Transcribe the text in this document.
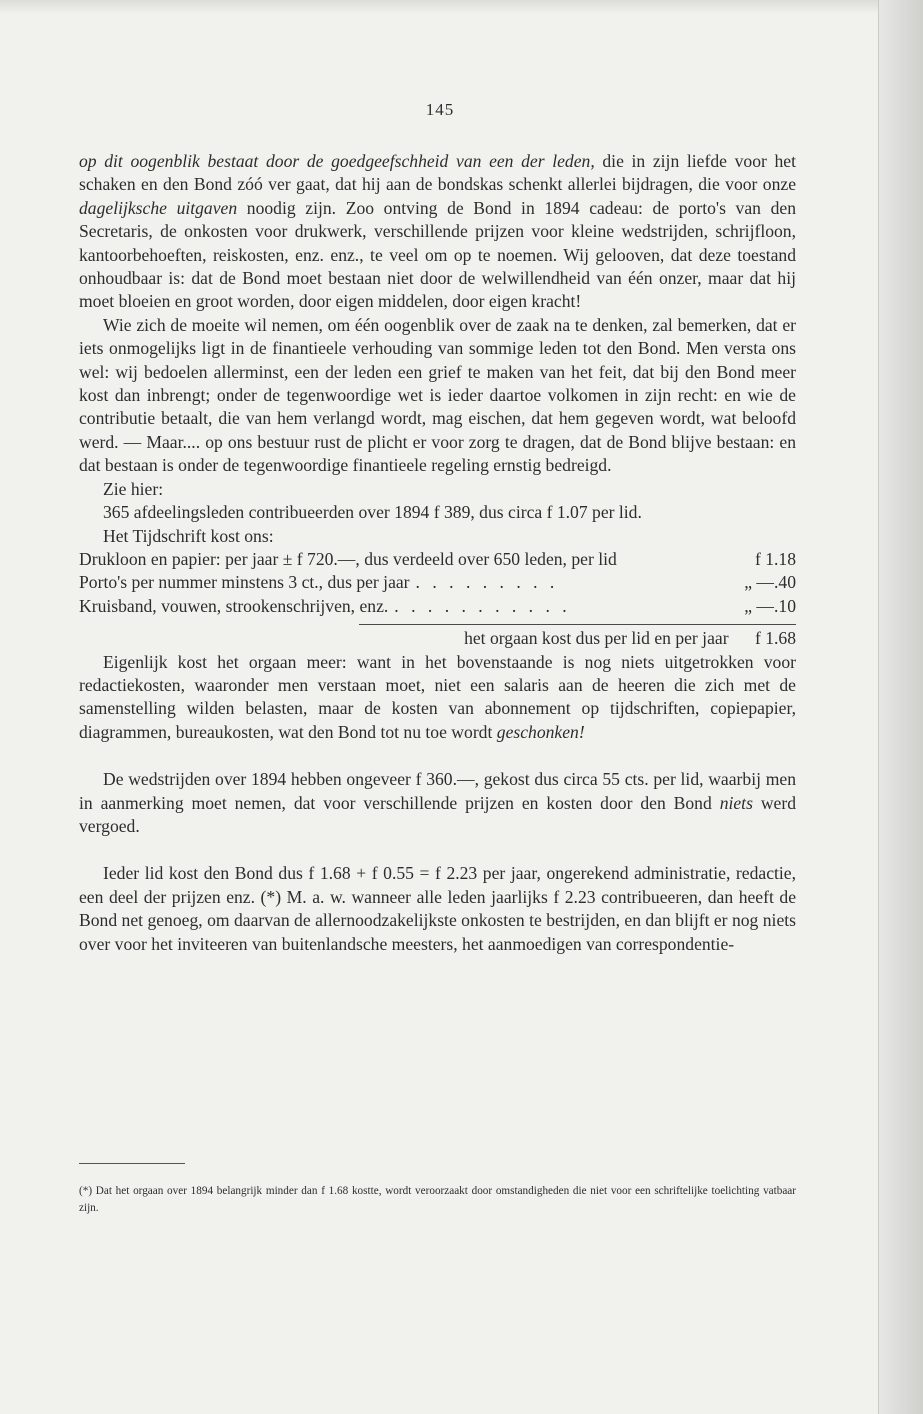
145

op dit oogenblik bestaat door de goedgeefschheid van een der leden, die in zijn liefde voor het schaken en den Bond zóó ver gaat, dat hij aan de bondskas schenkt allerlei bijdragen, die voor onze dagelijksche uitgaven noodig zijn. Zoo ontving de Bond in 1894 cadeau: de porto's van den Secretaris, de onkosten voor drukwerk, verschillende prijzen voor kleine wedstrijden, schrijfloon, kantoorbehoeften, reiskosten, enz. enz., te veel om op te noemen. Wij gelooven, dat deze toestand onhoudbaar is: dat de Bond moet bestaan niet door de welwillendheid van één onzer, maar dat hij moet bloeien en groot worden, door eigen middelen, door eigen kracht!

Wie zich de moeite wil nemen, om één oogenblik over de zaak na te denken, zal bemerken, dat er iets onmogelijks ligt in de finantieele verhouding van sommige leden tot den Bond. Men versta ons wel: wij bedoelen allerminst, een der leden een grief te maken van het feit, dat bij den Bond meer kost dan inbrengt; onder de tegenwoordige wet is ieder daartoe volkomen in zijn recht: en wie de contributie betaalt, die van hem verlangd wordt, mag eischen, dat hem gegeven wordt, wat beloofd werd. — Maar.... op ons bestuur rust de plicht er voor zorg te dragen, dat de Bond blijve bestaan: en dat bestaan is onder de tegenwoordige finantieele regeling ernstig bedreigd.

Zie hier:

365 afdeelingsleden contribueerden over 1894 f 389, dus circa f 1.07 per lid.

Het Tijdschrift kost ons:

Drukloon en papier: per jaar ± f 720.—, dus verdeeld over 650 leden, per lid	f 1.18
Porto's per nummer minstens 3 ct., dus per jaar . . . . . . . . .	„ —.40
Kruisband, vouwen, strookenschrijven, enz. . . . . . . . . . . .	„ —.10
het orgaan kost dus per lid en per jaar f 1.68

Eigenlijk kost het orgaan meer: want in het bovenstaande is nog niets uitgetrokken voor redactiekosten, waaronder men verstaan moet, niet een salaris aan de heeren die zich met de samenstelling wilden belasten, maar de kosten van abonnement op tijdschriften, copiepapier, diagrammen, bureaukosten, wat den Bond tot nu toe wordt geschonken!

De wedstrijden over 1894 hebben ongeveer f 360.—, gekost dus circa 55 cts. per lid, waarbij men in aanmerking moet nemen, dat voor verschillende prijzen en kosten door den Bond niets werd vergoed.

Ieder lid kost den Bond dus f 1.68 + f 0.55 = f 2.23 per jaar, ongerekend administratie, redactie, een deel der prijzen enz. (*) M. a. w. wanneer alle leden jaarlijks f 2.23 contribueeren, dan heeft de Bond net genoeg, om daarvan de allernoodzakelijkste onkosten te bestrijden, en dan blijft er nog niets over voor het inviteeren van buitenlandsche meesters, het aanmoedigen van correspondentie-

(*) Dat het orgaan over 1894 belangrijk minder dan f 1.68 kostte, wordt veroorzaakt door omstandigheden die niet voor een schriftelijke toelichting vatbaar zijn.
